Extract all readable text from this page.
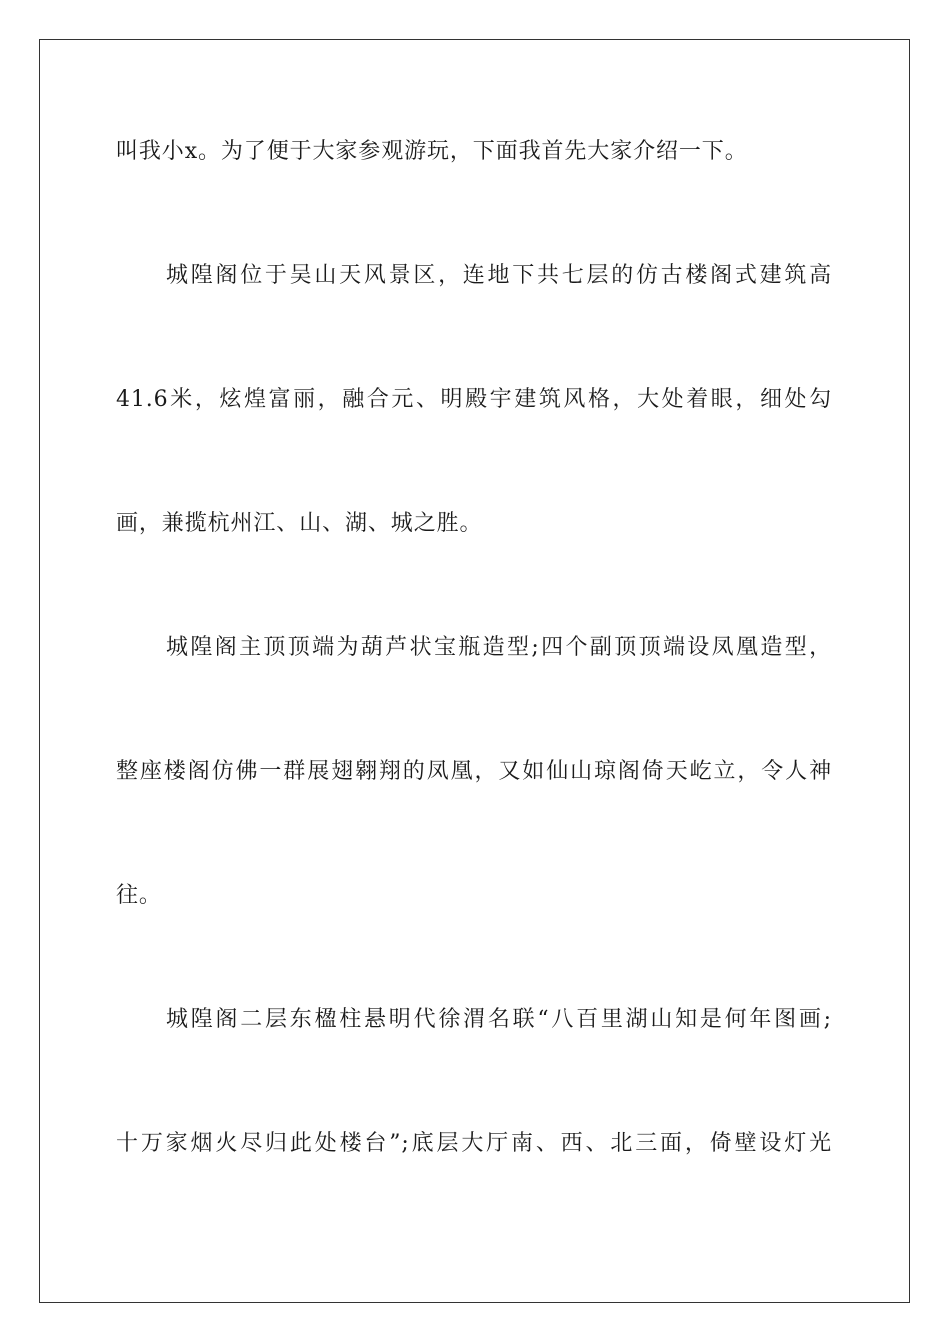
叫我小x。为了便于大家参观游玩，下面我首先大家介绍一下。
城隍阁位于吴山天风景区，连地下共七层的仿古楼阁式建筑高
41.6米，炫煌富丽，融合元、明殿宇建筑风格，大处着眼，细处勾
画，兼揽杭州江、山、湖、城之胜。
城隍阁主顶顶端为葫芦状宝瓶造型;四个副顶顶端设凤凰造型，
整座楼阁仿佛一群展翅翱翔的凤凰，又如仙山琼阁倚天屹立，令人神
往。
城隍阁二层东楹柱悬明代徐渭名联“八百里湖山知是何年图画;
十万家烟火尽归此处楼台”;底层大厅南、西、北三面，倚壁设灯光
